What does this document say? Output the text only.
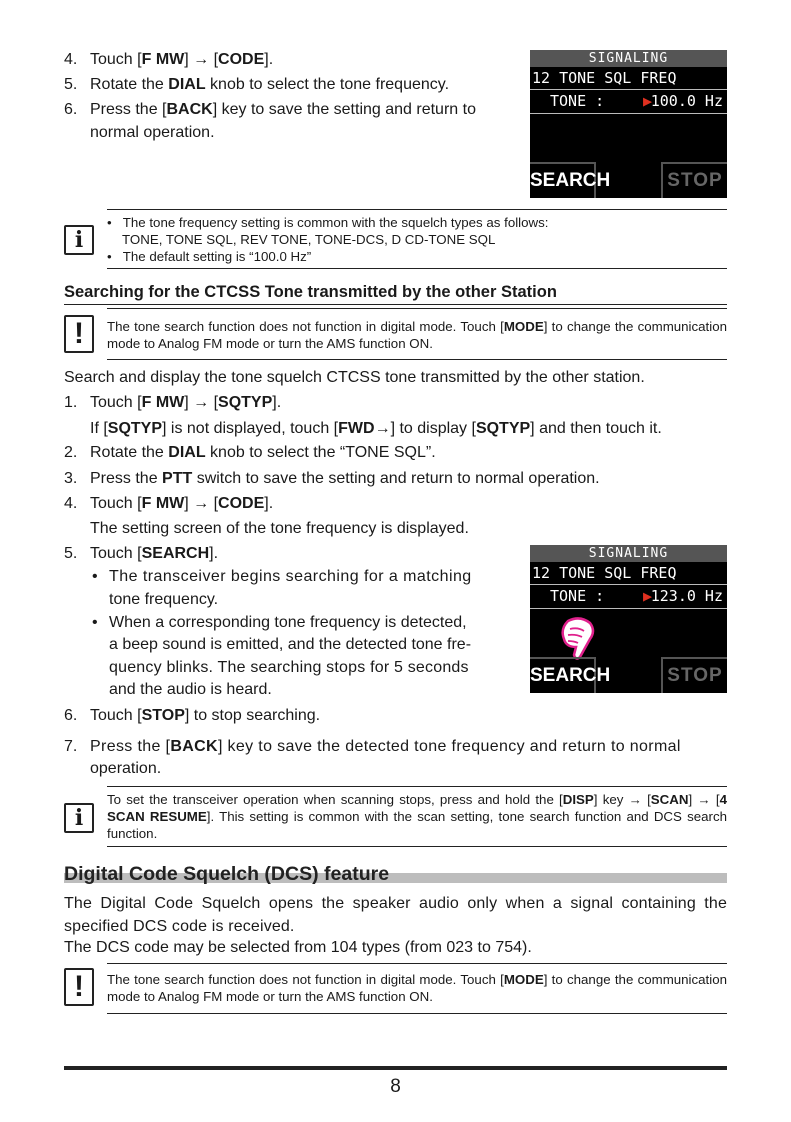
4. Touch [F MW] → [CODE].
5. Rotate the DIAL knob to select the tone frequency.
6. Press the [BACK] key to save the setting and return to
normal operation.
SIGNALING
12 TONE SQL FREQ
TONE :	▶
100.0 Hz
SEARCH	STOP
i
•   The tone frequency setting is common with the squelch types as follows:
TONE, TONE SQL, REV TONE, TONE-DCS, D CD-TONE SQL
•   The default setting is “100.0 Hz”
Searching for the CTCSS Tone transmitted by the other Station
!	The tone search function does not function in digital mode. Touch [MODE] to change the communication mode to Analog FM mode or turn the AMS function ON.
Search and display the tone squelch CTCSS tone transmitted by the other station.
1. Touch [F MW] → [SQTYP].
If [SQTYP] is not displayed, touch [FWD→] to display [SQTYP] and then touch it.
2. Rotate the DIAL knob to select the “TONE SQL”.
3. Press the PTT switch to save the setting and return to normal operation.
4. Touch [F MW] → [CODE].
The setting screen of the tone frequency is displayed.
5. Touch [SEARCH].
• The transceiver begins searching for a matching
tone frequency.
• When a corresponding tone frequency is detected,
a beep sound is emitted, and the detected tone fre-
quency blinks. The searching stops for 5 seconds
and the audio is heard.
SIGNALING
12 TONE SQL FREQ
TONE :	▶
123.0 Hz
SEARCH	STOP
6. Touch [STOP] to stop searching.
7. Press the [BACK] key to save the detected tone frequency and return to normal
operation.
i
To set the transceiver operation when scanning stops, press and hold the [DISP] key → [SCAN] → [4 SCAN RESUME]. This setting is common with the scan setting, tone search function and DCS search function.
Digital Code Squelch (DCS) feature
The Digital Code Squelch opens the speaker audio only when a signal containing the specified DCS code is received.
The DCS code may be selected from 104 types (from 023 to 754).
!	The tone search function does not function in digital mode. Touch [MODE] to change the communication mode to Analog FM mode or turn the AMS function ON.
8
